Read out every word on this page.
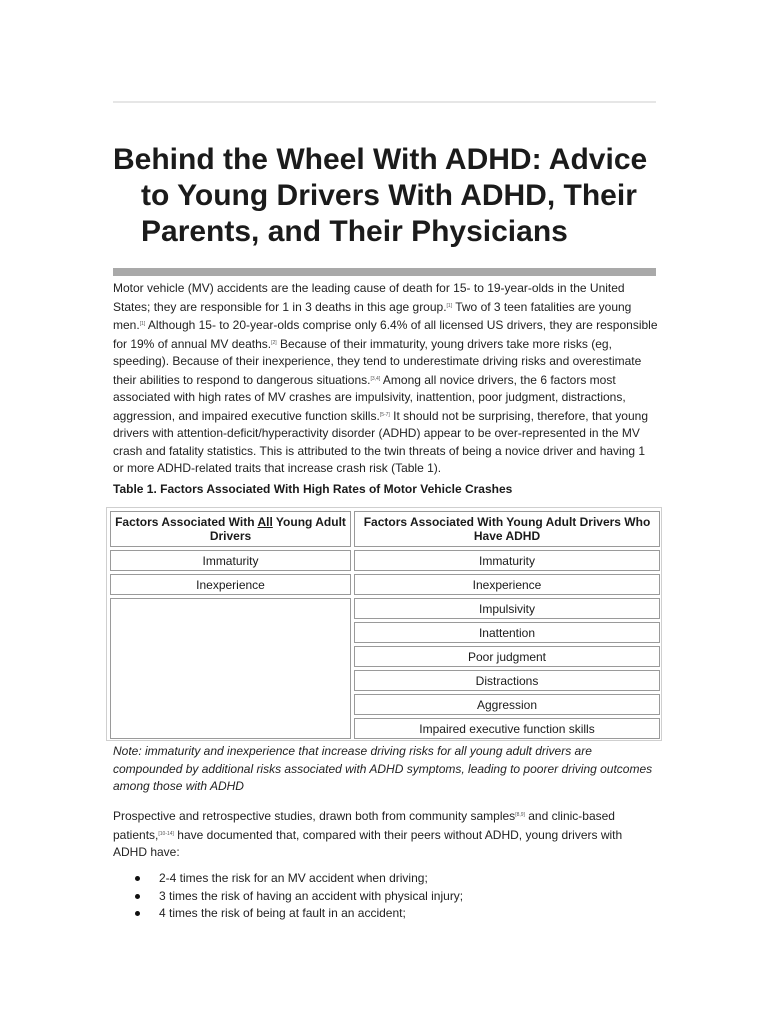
Behind the Wheel With ADHD: Advice
to Young Drivers With ADHD, Their
Parents, and Their Physicians

Motor vehicle (MV) accidents are the leading cause of death for 15- to 19-year-olds in the United
States; they are responsible for 1 in 3 deaths in this age group.[1] Two of 3 teen fatalities are young
men.[1] Although 15- to 20-year-olds comprise only 6.4% of all licensed US drivers, they are responsible
for 19% of annual MV deaths.[2] Because of their immaturity, young drivers take more risks (eg,
speeding). Because of their inexperience, they tend to underestimate driving risks and overestimate
their abilities to respond to dangerous situations.[3,4] Among all novice drivers, the 6 factors most
associated with high rates of MV crashes are impulsivity, inattention, poor judgment, distractions,
aggression, and impaired executive function skills.[5-7] It should not be surprising, therefore, that young
drivers with attention-deficit/hyperactivity disorder (ADHD) appear to be over-represented in the MV
crash and fatality statistics. This is attributed to the twin threats of being a novice driver and having 1
or more ADHD-related traits that increase crash risk (Table 1).

Table 1. Factors Associated With High Rates of Motor Vehicle Crashes

Factors Associated With All Young Adult Drivers
Factors Associated With Young Adult Drivers Who Have ADHD
Immaturity
Inexperience
Immaturity
Inexperience
Impulsivity
Inattention
Poor judgment
Distractions
Aggression
Impaired executive function skills

Note: immaturity and inexperience that increase driving risks for all young adult drivers are
compounded by additional risks associated with ADHD symptoms, leading to poorer driving outcomes
among those with ADHD

Prospective and retrospective studies, drawn both from community samples[8,9] and clinic-based
patients,[10-14] have documented that, compared with their peers without ADHD, young drivers with
ADHD have:

2-4 times the risk for an MV accident when driving;
3 times the risk of having an accident with physical injury;
4 times the risk of being at fault in an accident;
